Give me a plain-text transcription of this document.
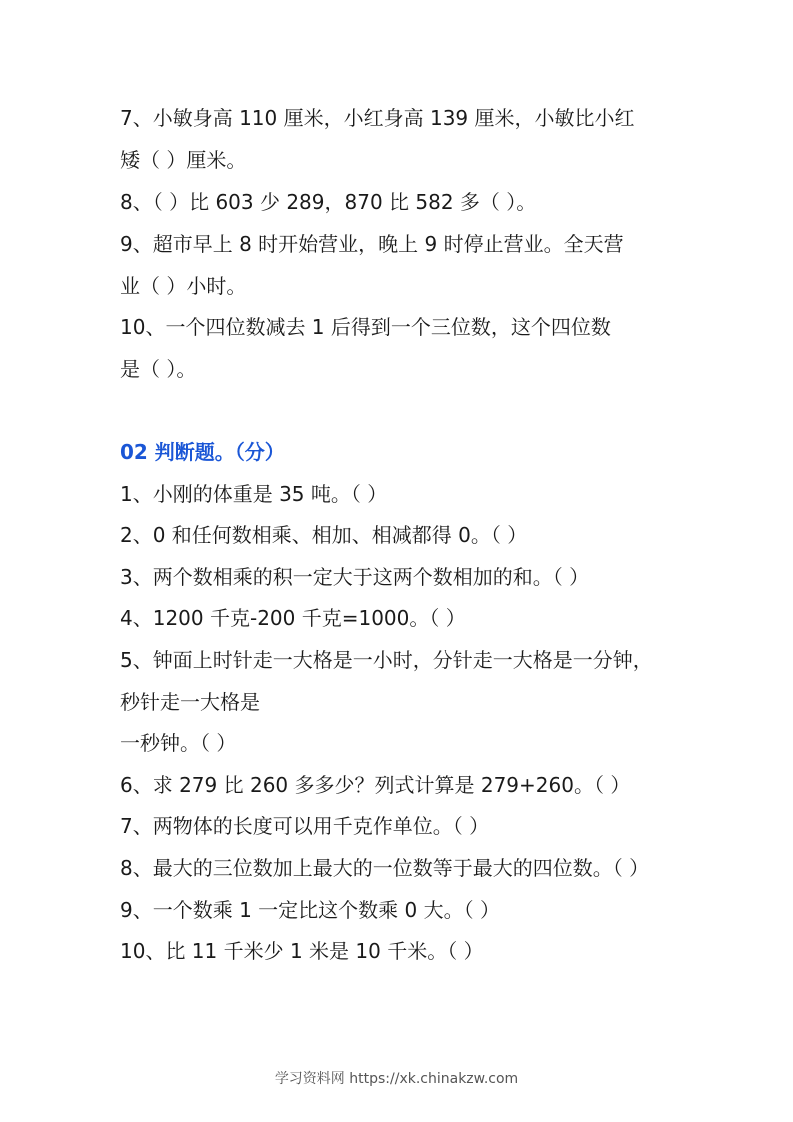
7、小敏身高 110 厘米，小红身高 139 厘米，小敏比小红
矮（ ）厘米。
8、（ ）比 603 少 289，870 比 582 多（ ）。
9、超市早上 8 时开始营业，晚上 9 时停止营业。全天营
业（ ）小时。
10、一个四位数减去 1 后得到一个三位数，这个四位数
是（ ）。
02 判断题。（分）
1、小刚的体重是 35 吨。（ ）
2、0 和任何数相乘、相加、相减都得 0。（ ）
3、两个数相乘的积一定大于这两个数相加的和。（ ）
4、1200 千克-200 千克=1000。（ ）
5、钟面上时针走一大格是一小时，分针走一大格是一分钟，
秒针走一大格是
一秒钟。（ ）
6、求 279 比 260 多多少？列式计算是 279+260。（ ）
7、两物体的长度可以用千克作单位。（ ）
8、最大的三位数加上最大的一位数等于最大的四位数。（ ）
9、一个数乘 1 一定比这个数乘 0 大。（ ）
10、比 11 千米少 1 米是 10 千米。（ ）
学习资料网 https://xk.chinakzw.com
